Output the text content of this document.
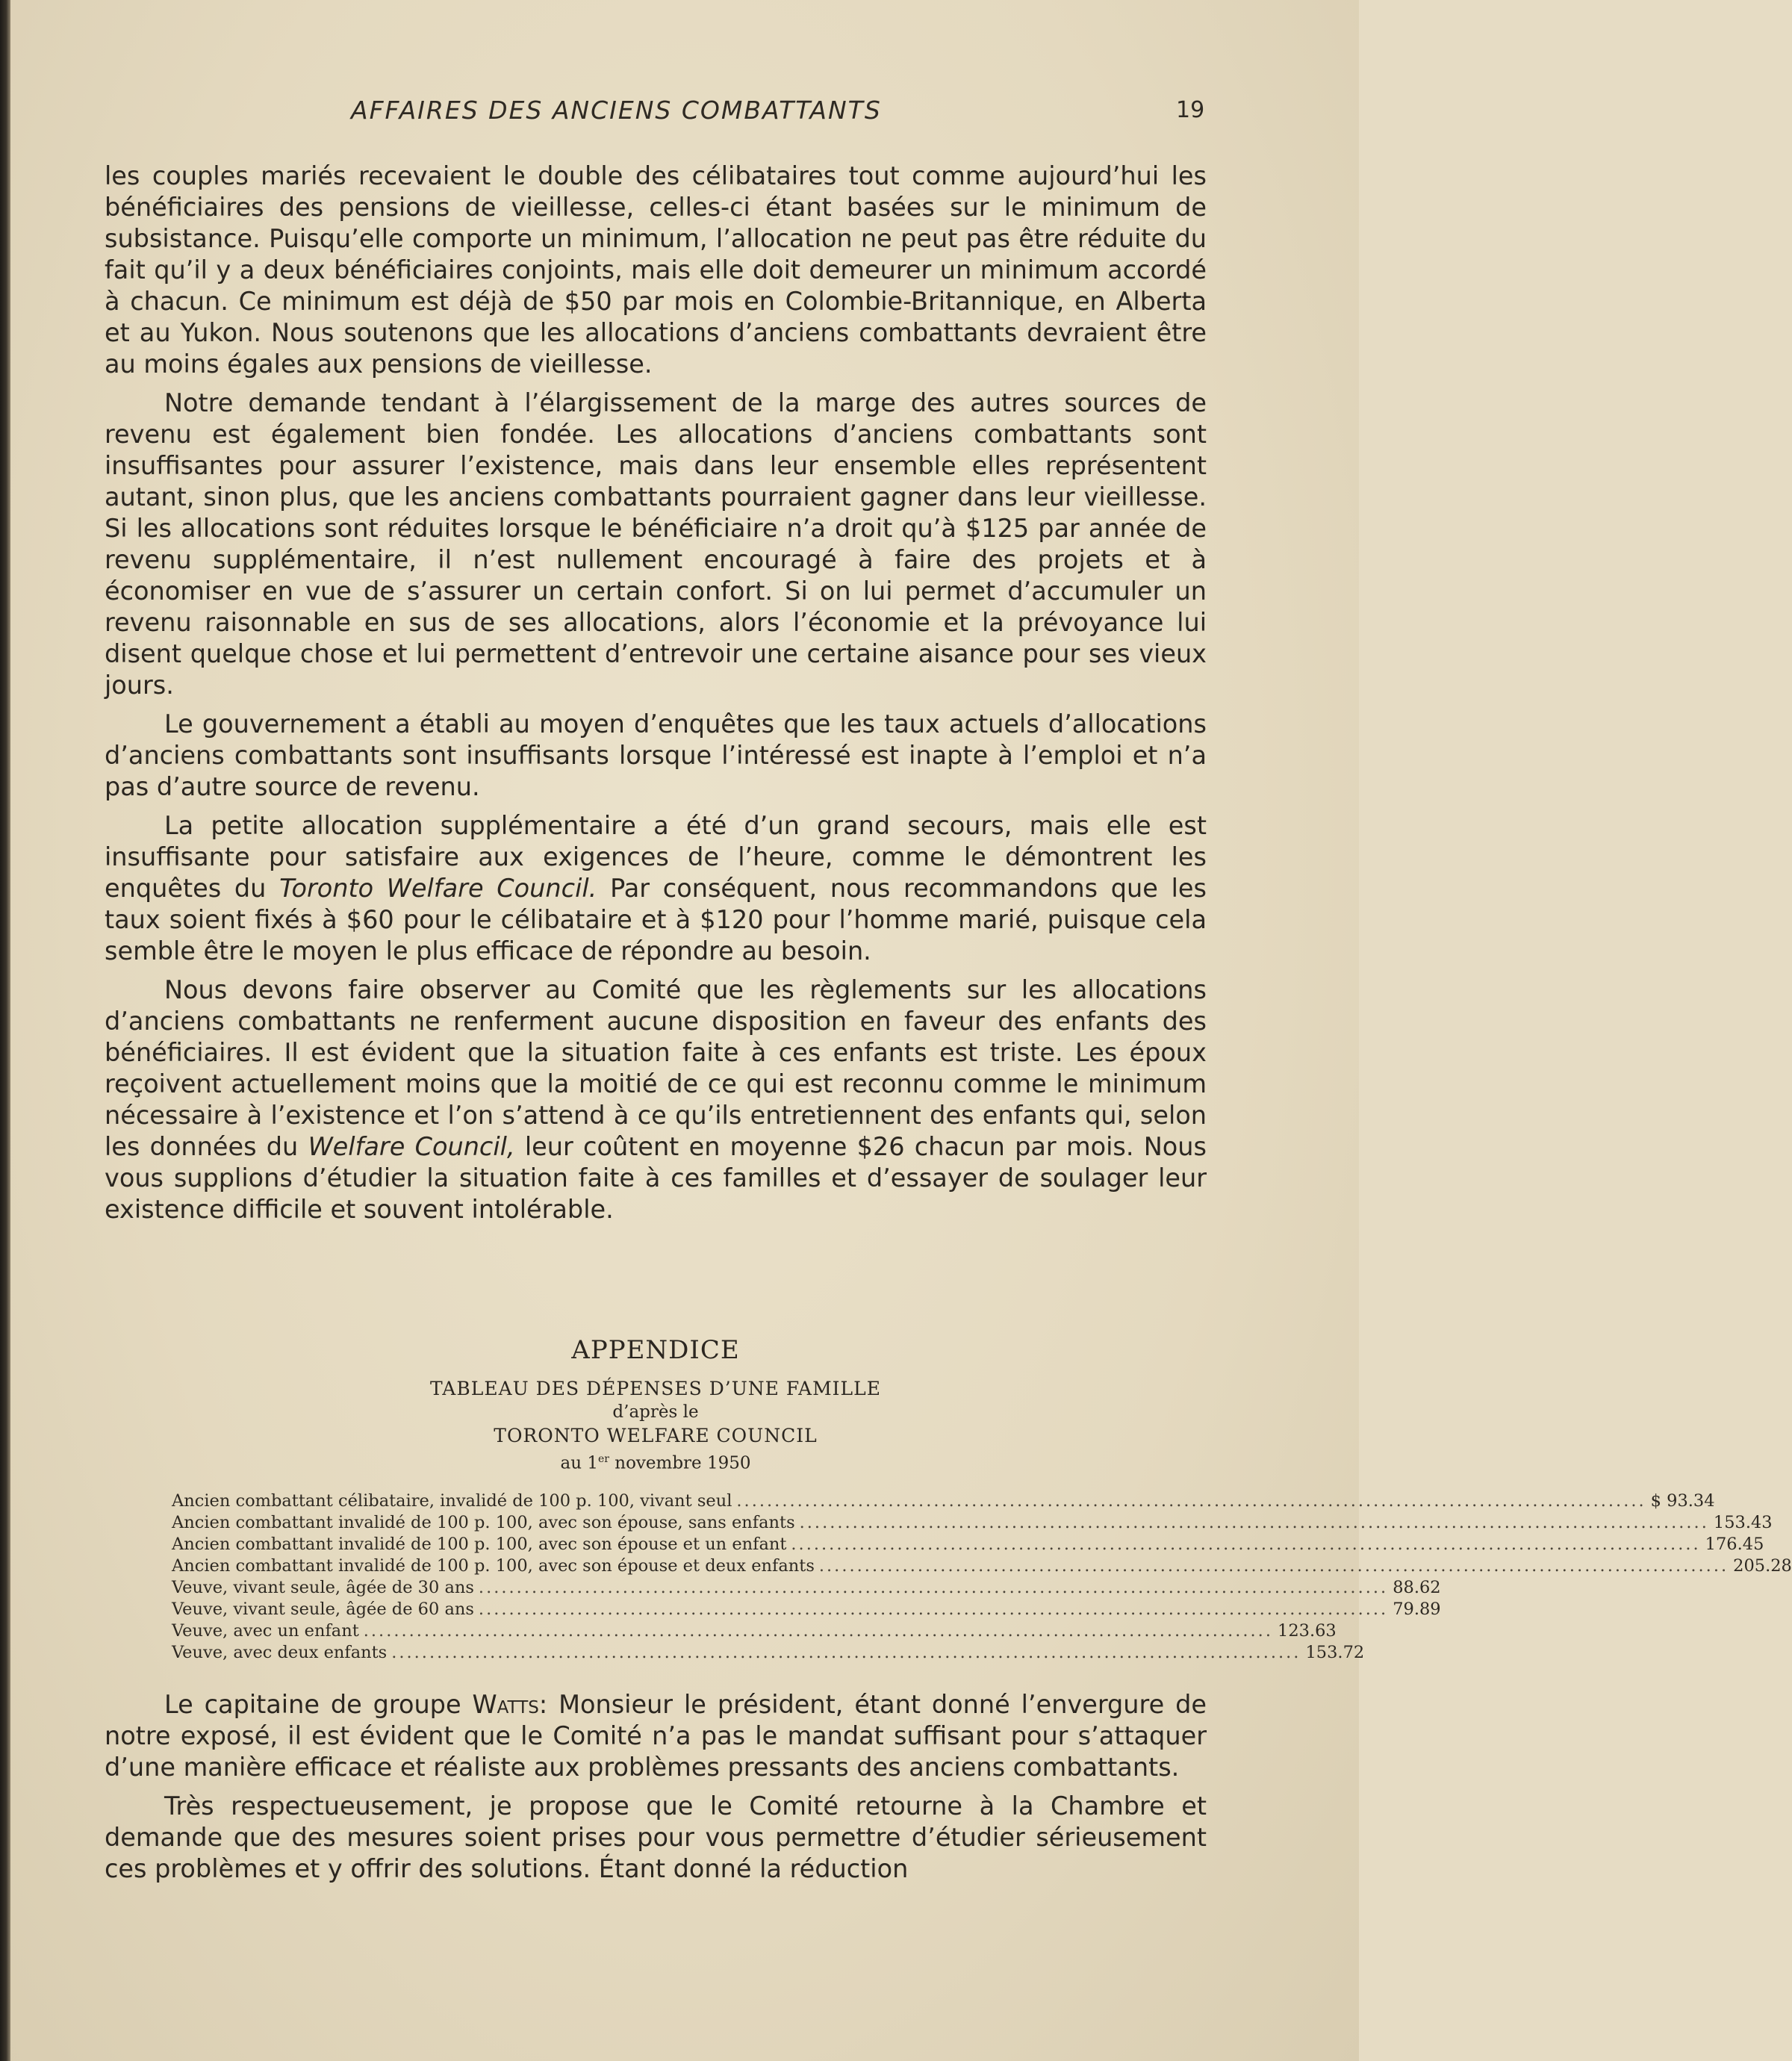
AFFAIRES DES ANCIENS COMBATTANTS	19

les couples mariés recevaient le double des célibataires tout comme aujourd’hui les bénéficiaires des pensions de vieillesse, celles-ci étant basées sur le minimum de subsistance. Puisqu’elle comporte un minimum, l’allocation ne peut pas être réduite du fait qu’il y a deux bénéficiaires conjoints, mais elle doit demeurer un minimum accordé à chacun. Ce minimum est déjà de $50 par mois en Colombie-Britannique, en Alberta et au Yukon. Nous soutenons que les allocations d’anciens combattants devraient être au moins égales aux pensions de vieillesse.

Notre demande tendant à l’élargissement de la marge des autres sources de revenu est également bien fondée. Les allocations d’anciens combattants sont insuffisantes pour assurer l’existence, mais dans leur ensemble elles représentent autant, sinon plus, que les anciens combattants pourraient gagner dans leur vieillesse. Si les allocations sont réduites lorsque le bénéficiaire n’a droit qu’à $125 par année de revenu supplémentaire, il n’est nullement encouragé à faire des projets et à économiser en vue de s’assurer un certain confort. Si on lui permet d’accumuler un revenu raisonnable en sus de ses allocations, alors l’économie et la prévoyance lui disent quelque chose et lui permettent d’entrevoir une certaine aisance pour ses vieux jours.

Le gouvernement a établi au moyen d’enquêtes que les taux actuels d’allocations d’anciens combattants sont insuffisants lorsque l’intéressé est inapte à l’emploi et n’a pas d’autre source de revenu.

La petite allocation supplémentaire a été d’un grand secours, mais elle est insuffisante pour satisfaire aux exigences de l’heure, comme le démontrent les enquêtes du Toronto Welfare Council. Par conséquent, nous recommandons que les taux soient fixés à $60 pour le célibataire et à $120 pour l’homme marié, puisque cela semble être le moyen le plus efficace de répondre au besoin.

Nous devons faire observer au Comité que les règlements sur les allocations d’anciens combattants ne renferment aucune disposition en faveur des enfants des bénéficiaires. Il est évident que la situation faite à ces enfants est triste. Les époux reçoivent actuellement moins que la moitié de ce qui est reconnu comme le minimum nécessaire à l’existence et l’on s’attend à ce qu’ils entretiennent des enfants qui, selon les données du Welfare Council, leur coûtent en moyenne $26 chacun par mois. Nous vous supplions d’étudier la situation faite à ces familles et d’essayer de soulager leur existence difficile et souvent intolérable.

APPENDICE

TABLEAU DES DÉPENSES D’UNE FAMILLE

d’après le

TORONTO WELFARE COUNCIL

au 1er novembre 1950

Ancien combattant célibataire, invalidé de 100 p. 100, vivant seul ........................................................................................................................ $ 93.34
Ancien combattant invalidé de 100 p. 100, avec son épouse, sans enfants ........................................................................................................................ 153.43
Ancien combattant invalidé de 100 p. 100, avec son épouse et un enfant ........................................................................................................................ 176.45
Ancien combattant invalidé de 100 p. 100, avec son épouse et deux enfants ........................................................................................................................ 205.28
Veuve, vivant seule, âgée de 30 ans ........................................................................................................................ 88.62
Veuve, vivant seule, âgée de 60 ans ........................................................................................................................ 79.89
Veuve, avec un enfant ........................................................................................................................ 123.63
Veuve, avec deux enfants ........................................................................................................................ 153.72

Le capitaine de groupe Watts: Monsieur le président, étant donné l’envergure de notre exposé, il est évident que le Comité n’a pas le mandat suffisant pour s’attaquer d’une manière efficace et réaliste aux problèmes pressants des anciens combattants.

Très respectueusement, je propose que le Comité retourne à la Chambre et demande que des mesures soient prises pour vous permettre d’étudier sérieusement ces problèmes et y offrir des solutions. Étant donné la réduction
